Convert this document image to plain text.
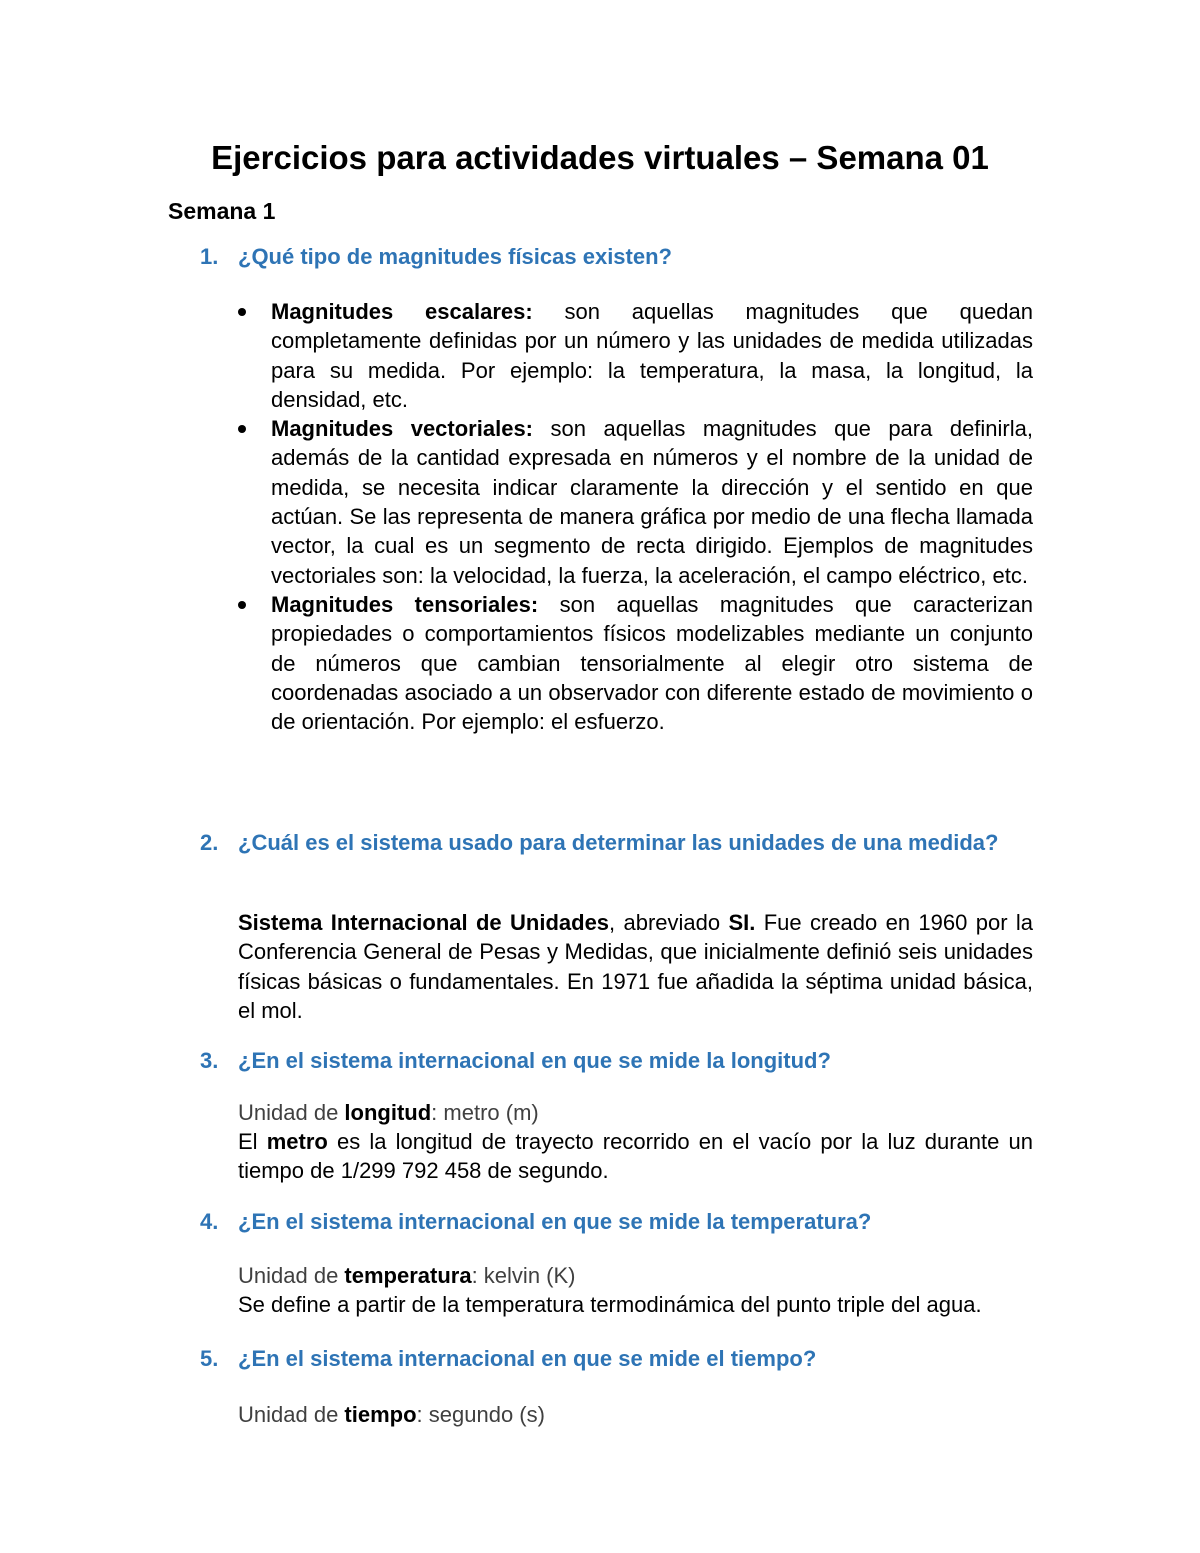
Ejercicios para actividades virtuales – Semana 01
Semana 1
1. ¿Qué tipo de magnitudes físicas existen?
Magnitudes escalares: son aquellas magnitudes que quedan completamente definidas por un número y las unidades de medida utilizadas para su medida. Por ejemplo: la temperatura, la masa, la longitud, la densidad, etc.
Magnitudes vectoriales: son aquellas magnitudes que para definirla, además de la cantidad expresada en números y el nombre de la unidad de medida, se necesita indicar claramente la dirección y el sentido en que actúan. Se las representa de manera gráfica por medio de una flecha llamada vector, la cual es un segmento de recta dirigido. Ejemplos de magnitudes vectoriales son: la velocidad, la fuerza, la aceleración, el campo eléctrico, etc.
Magnitudes tensoriales: son aquellas magnitudes que caracterizan propiedades o comportamientos físicos modelizables mediante un conjunto de números que cambian tensorialmente al elegir otro sistema de coordenadas asociado a un observador con diferente estado de movimiento o de orientación. Por ejemplo: el esfuerzo.
2. ¿Cuál es el sistema usado para determinar las unidades de una medida?

Sistema Internacional de Unidades, abreviado SI. Fue creado en 1960 por la Conferencia General de Pesas y Medidas, que inicialmente definió seis unidades físicas básicas o fundamentales. En 1971 fue añadida la séptima unidad básica, el mol.

3. ¿En el sistema internacional en que se mide la longitud?

Unidad de longitud: metro (m)

El metro es la longitud de trayecto recorrido en el vacío por la luz durante un tiempo de 1/299 792 458 de segundo.

4. ¿En el sistema internacional en que se mide la temperatura?

Unidad de temperatura: kelvin (K)

Se define a partir de la temperatura termodinámica del punto triple del agua.

5. ¿En el sistema internacional en que se mide el tiempo?

Unidad de tiempo: segundo (s)
